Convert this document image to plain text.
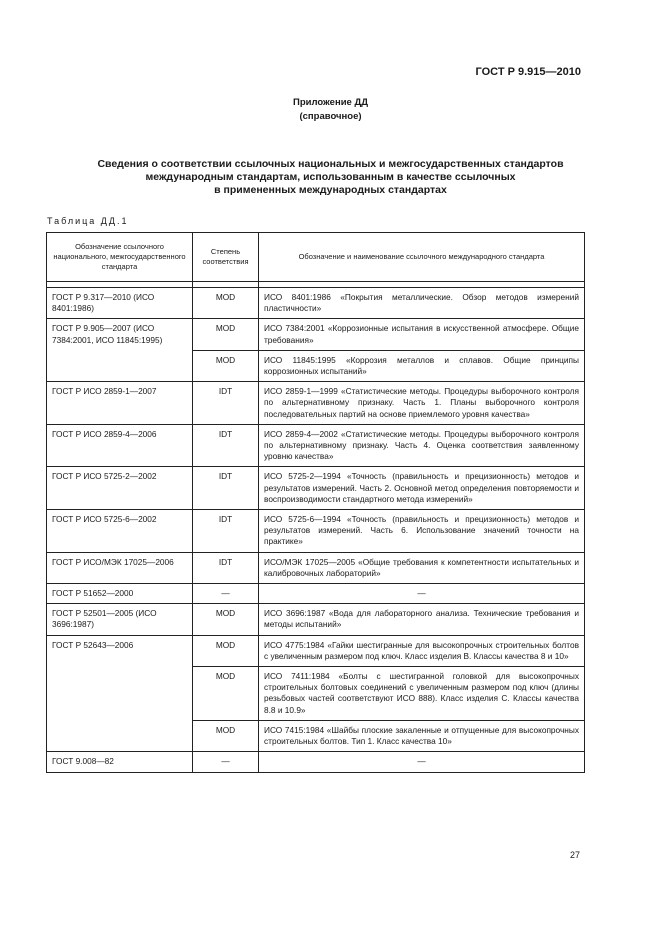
ГОСТ Р 9.915—2010
Приложение ДД
(справочное)
Сведения о соответствии ссылочных национальных и межгосударственных стандартов
международным стандартам, использованным в качестве ссылочных
в примененных международных стандартах
Таблица ДД.1
Обозначение ссылочного национального, межгосударственного стандарта	Степень соответствия	Обозначение и наименование ссылочного международного стандарта

ГОСТ Р 9.317—2010 (ИСО 8401:1986)	MOD	ИСО 8401:1986 «Покрытия металлические. Обзор методов измерений пластичности»
ГОСТ Р 9.905—2007 (ИСО 7384:2001, ИСО 11845:1995)	MOD	ИСО 7384:2001 «Коррозионные испытания в искусственной атмосфере. Общие требования»
	MOD	ИСО 11845:1995 «Коррозия металлов и сплавов. Общие принципы коррозионных испытаний»
ГОСТ Р ИСО 2859-1—2007	IDT	ИСО 2859-1—1999 «Статистические методы. Процедуры выборочного контроля по альтернативному признаку. Часть 1. Планы выборочного контроля последовательных партий на основе приемлемого уровня качества»
ГОСТ Р ИСО 2859-4—2006	IDT	ИСО 2859-4—2002 «Статистические методы. Процедуры выборочного контроля по альтернативному признаку. Часть 4. Оценка соответствия заявленному уровню качества»
ГОСТ Р ИСО 5725-2—2002	IDT	ИСО 5725-2—1994 «Точность (правильность и прецизионность) методов и результатов измерений. Часть 2. Основной метод определения повторяемости и воспроизводимости стандартного метода измерений»
ГОСТ Р ИСО 5725-6—2002	IDT	ИСО 5725-6—1994 «Точность (правильность и прецизионность) методов и результатов измерений. Часть 6. Использование значений точности на практике»
ГОСТ Р ИСО/МЭК 17025—2006	IDT	ИСО/МЭК 17025—2005 «Общие требования к компетентности испытательных и калибровочных лабораторий»
ГОСТ Р 51652—2000	—	—
ГОСТ Р 52501—2005 (ИСО 3696:1987)	MOD	ИСО 3696:1987 «Вода для лабораторного анализа. Технические требования и методы испытаний»
ГОСТ Р 52643—2006	MOD	ИСО 4775:1984 «Гайки шестигранные для высокопрочных строительных болтов с увеличенным размером под ключ. Класс изделия В. Классы качества 8 и 10»
	MOD	ИСО 7411:1984 «Болты с шестигранной головкой для высокопрочных строительных болтовых соединений с увеличенным размером под ключ (длины резьбовых частей соответствуют ИСО 888). Класс изделия С. Классы качества 8.8 и 10.9»
	MOD	ИСО 7415:1984 «Шайбы плоские закаленные и отпущенные для высокопрочных строительных болтов. Тип 1. Класс качества 10»
ГОСТ 9.008—82	—	—
27
